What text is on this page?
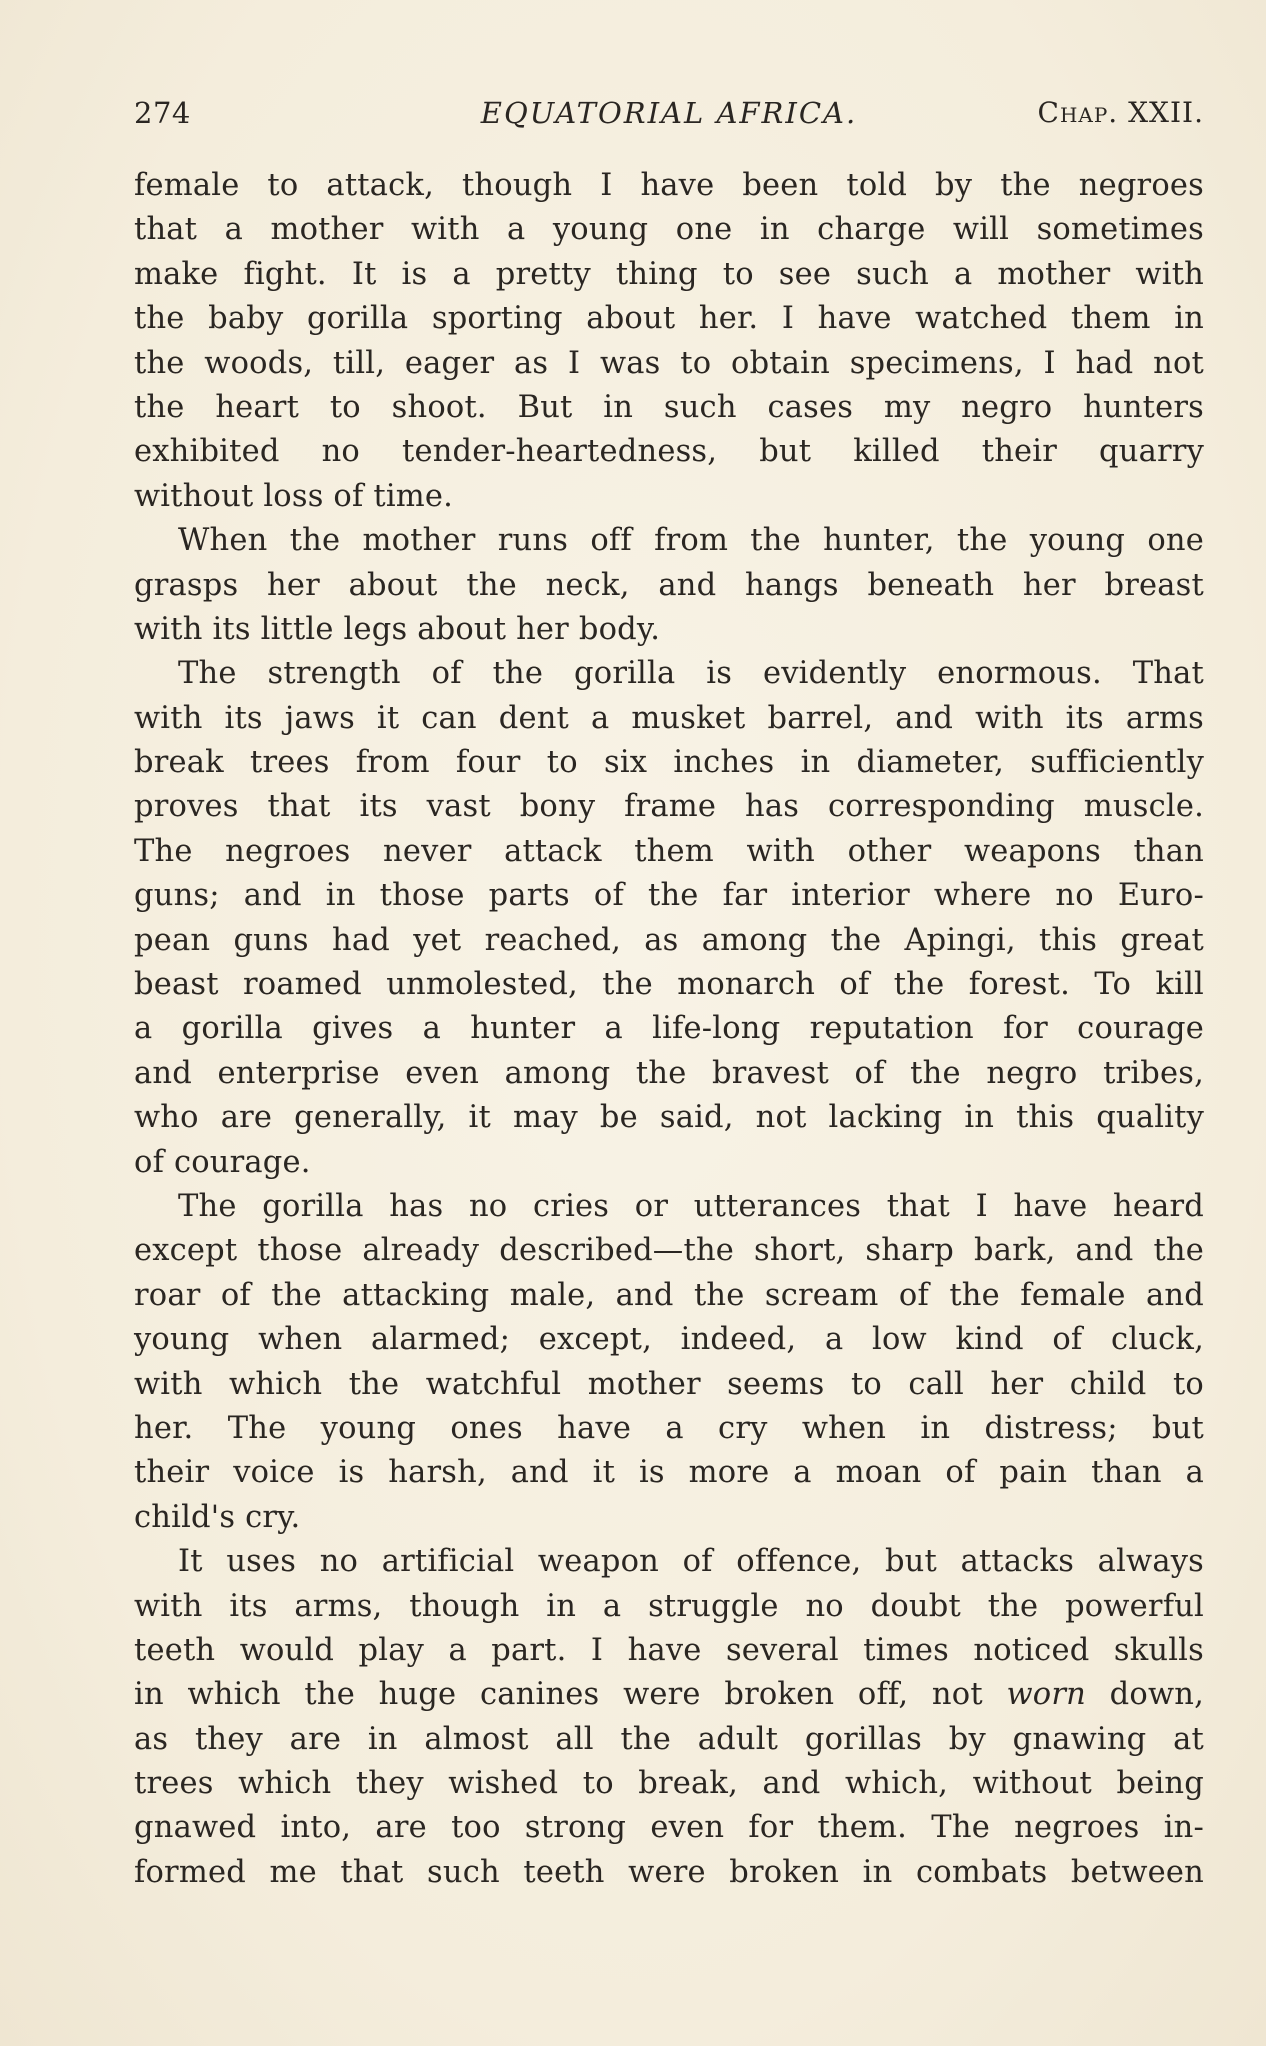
274	EQUATORIAL AFRICA.	Chap. XXII.
female to attack, though I have been told by the negroes
that a mother with a young one in charge will sometimes
make fight. It is a pretty thing to see such a mother with
the baby gorilla sporting about her. I have watched them in
the woods, till, eager as I was to obtain specimens, I had not
the heart to shoot. But in such cases my negro hunters
exhibited no tender-heartedness, but killed their quarry
without loss of time.
When the mother runs off from the hunter, the young one
grasps her about the neck, and hangs beneath her breast
with its little legs about her body.
The strength of the gorilla is evidently enormous. That
with its jaws it can dent a musket barrel, and with its arms
break trees from four to six inches in diameter, sufficiently
proves that its vast bony frame has corresponding muscle.
The negroes never attack them with other weapons than
guns; and in those parts of the far interior where no Euro-
pean guns had yet reached, as among the Apingi, this great
beast roamed unmolested, the monarch of the forest. To kill
a gorilla gives a hunter a life-long reputation for courage
and enterprise even among the bravest of the negro tribes,
who are generally, it may be said, not lacking in this quality
of courage.
The gorilla has no cries or utterances that I have heard
except those already described—the short, sharp bark, and the
roar of the attacking male, and the scream of the female and
young when alarmed; except, indeed, a low kind of cluck,
with which the watchful mother seems to call her child to
her. The young ones have a cry when in distress; but
their voice is harsh, and it is more a moan of pain than a
child's cry.
It uses no artificial weapon of offence, but attacks always
with its arms, though in a struggle no doubt the powerful
teeth would play a part. I have several times noticed skulls
in which the huge canines were broken off, not worn down,
as they are in almost all the adult gorillas by gnawing at
trees which they wished to break, and which, without being
gnawed into, are too strong even for them. The negroes in-
formed me that such teeth were broken in combats between
